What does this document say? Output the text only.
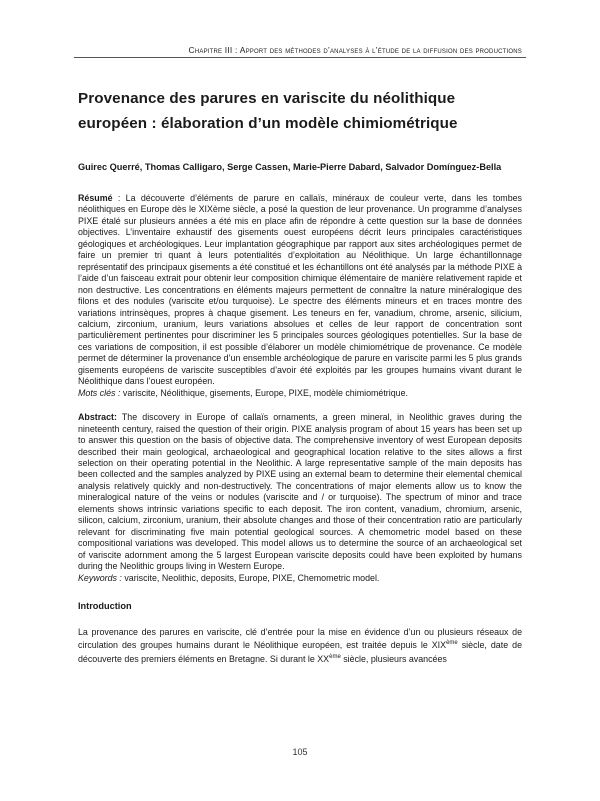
Chapitre III : Apport des méthodes d’analyses à l’étude de la diffusion des productions
Provenance des parures en variscite du néolithique européen : élaboration d’un modèle chimiométrique
Guirec Querré, Thomas Calligaro, Serge Cassen, Marie-Pierre Dabard, Salvador Domínguez-Bella

Résumé : La découverte d’éléments de parure en callaïs, minéraux de couleur verte, dans les tombes néolithiques en Europe dès le XIXème siècle, a posé la question de leur provenance. Un programme d’analyses PIXE étalé sur plusieurs années a été mis en place afin de répondre à cette question sur la base de données objectives. L’inventaire exhaustif des gisements ouest européens décrit leurs principales caractéristiques géologiques et archéologiques. Leur implantation géographique par rapport aux sites archéologiques permet de faire un premier tri quant à leurs potentialités d’exploitation au Néolithique. Un large échantillonnage représentatif des principaux gisements a été constitué et les échantillons ont été analysés par la méthode PIXE à l’aide d’un faisceau extrait pour obtenir leur composition chimique élémentaire de manière relativement rapide et non destructive. Les concentrations en éléments majeurs permettent de connaître la nature minéralogique des filons et des nodules (variscite et/ou turquoise). Le spectre des éléments mineurs et en traces montre des variations intrinsèques, propres à chaque gisement. Les teneurs en fer, vanadium, chrome, arsenic, silicium, calcium, zirconium, uranium, leurs variations absolues et celles de leur rapport de concentration sont particulièrement pertinentes pour discriminer les 5 principales sources géologiques potentielles. Sur la base de ces variations de composition, il est possible d’élaborer un modèle chimiométrique de provenance. Ce modèle permet de déterminer la provenance d’un ensemble archéologique de parure en variscite parmi les 5 plus grands gisements européens de variscite susceptibles d’avoir été exploités par les groupes humains vivant durant le Néolithique dans l’ouest européen.

Mots clés : variscite, Néolithique, gisements, Europe, PIXE, modèle chimiométrique.

Abstract: The discovery in Europe of callaïs ornaments, a green mineral, in Neolithic graves during the nineteenth century, raised the question of their origin. PIXE analysis program of about 15 years has been set up to answer this question on the basis of objective data. The comprehensive inventory of west European deposits described their main geological, archaeological and geographical location relative to the sites allows a first selection on their operating potential in the Neolithic. A large representative sample of the main deposits has been collected and the samples analyzed by PIXE using an external beam to determine their elemental chemical analysis relatively quickly and non-destructively. The concentrations of major elements allow us to know the mineralogical nature of the veins or nodules (variscite and / or turquoise). The spectrum of minor and trace elements shows intrinsic variations specific to each deposit. The iron content, vanadium, chromium, arsenic, silicon, calcium, zirconium, uranium, their absolute changes and those of their concentration ratio are particularly relevant for discriminating five main potential geological sources. A chemometric model based on these compositional variations was developed. This model allows us to determine the source of an archaeological set of variscite adornment among the 5 largest European variscite deposits could have been exploited by humans during the Neolithic groups living in Western Europe.

Keywords : variscite, Neolithic, deposits, Europe, PIXE, Chemometric model.

Introduction

La provenance des parures en variscite, clé d’entrée pour la mise en évidence d’un ou plusieurs réseaux de circulation des groupes humains durant le Néolithique européen, est traitée depuis le XIXème siècle, date de découverte des premiers éléments en Bretagne. Si durant le XXème siècle, plusieurs avancées

105
